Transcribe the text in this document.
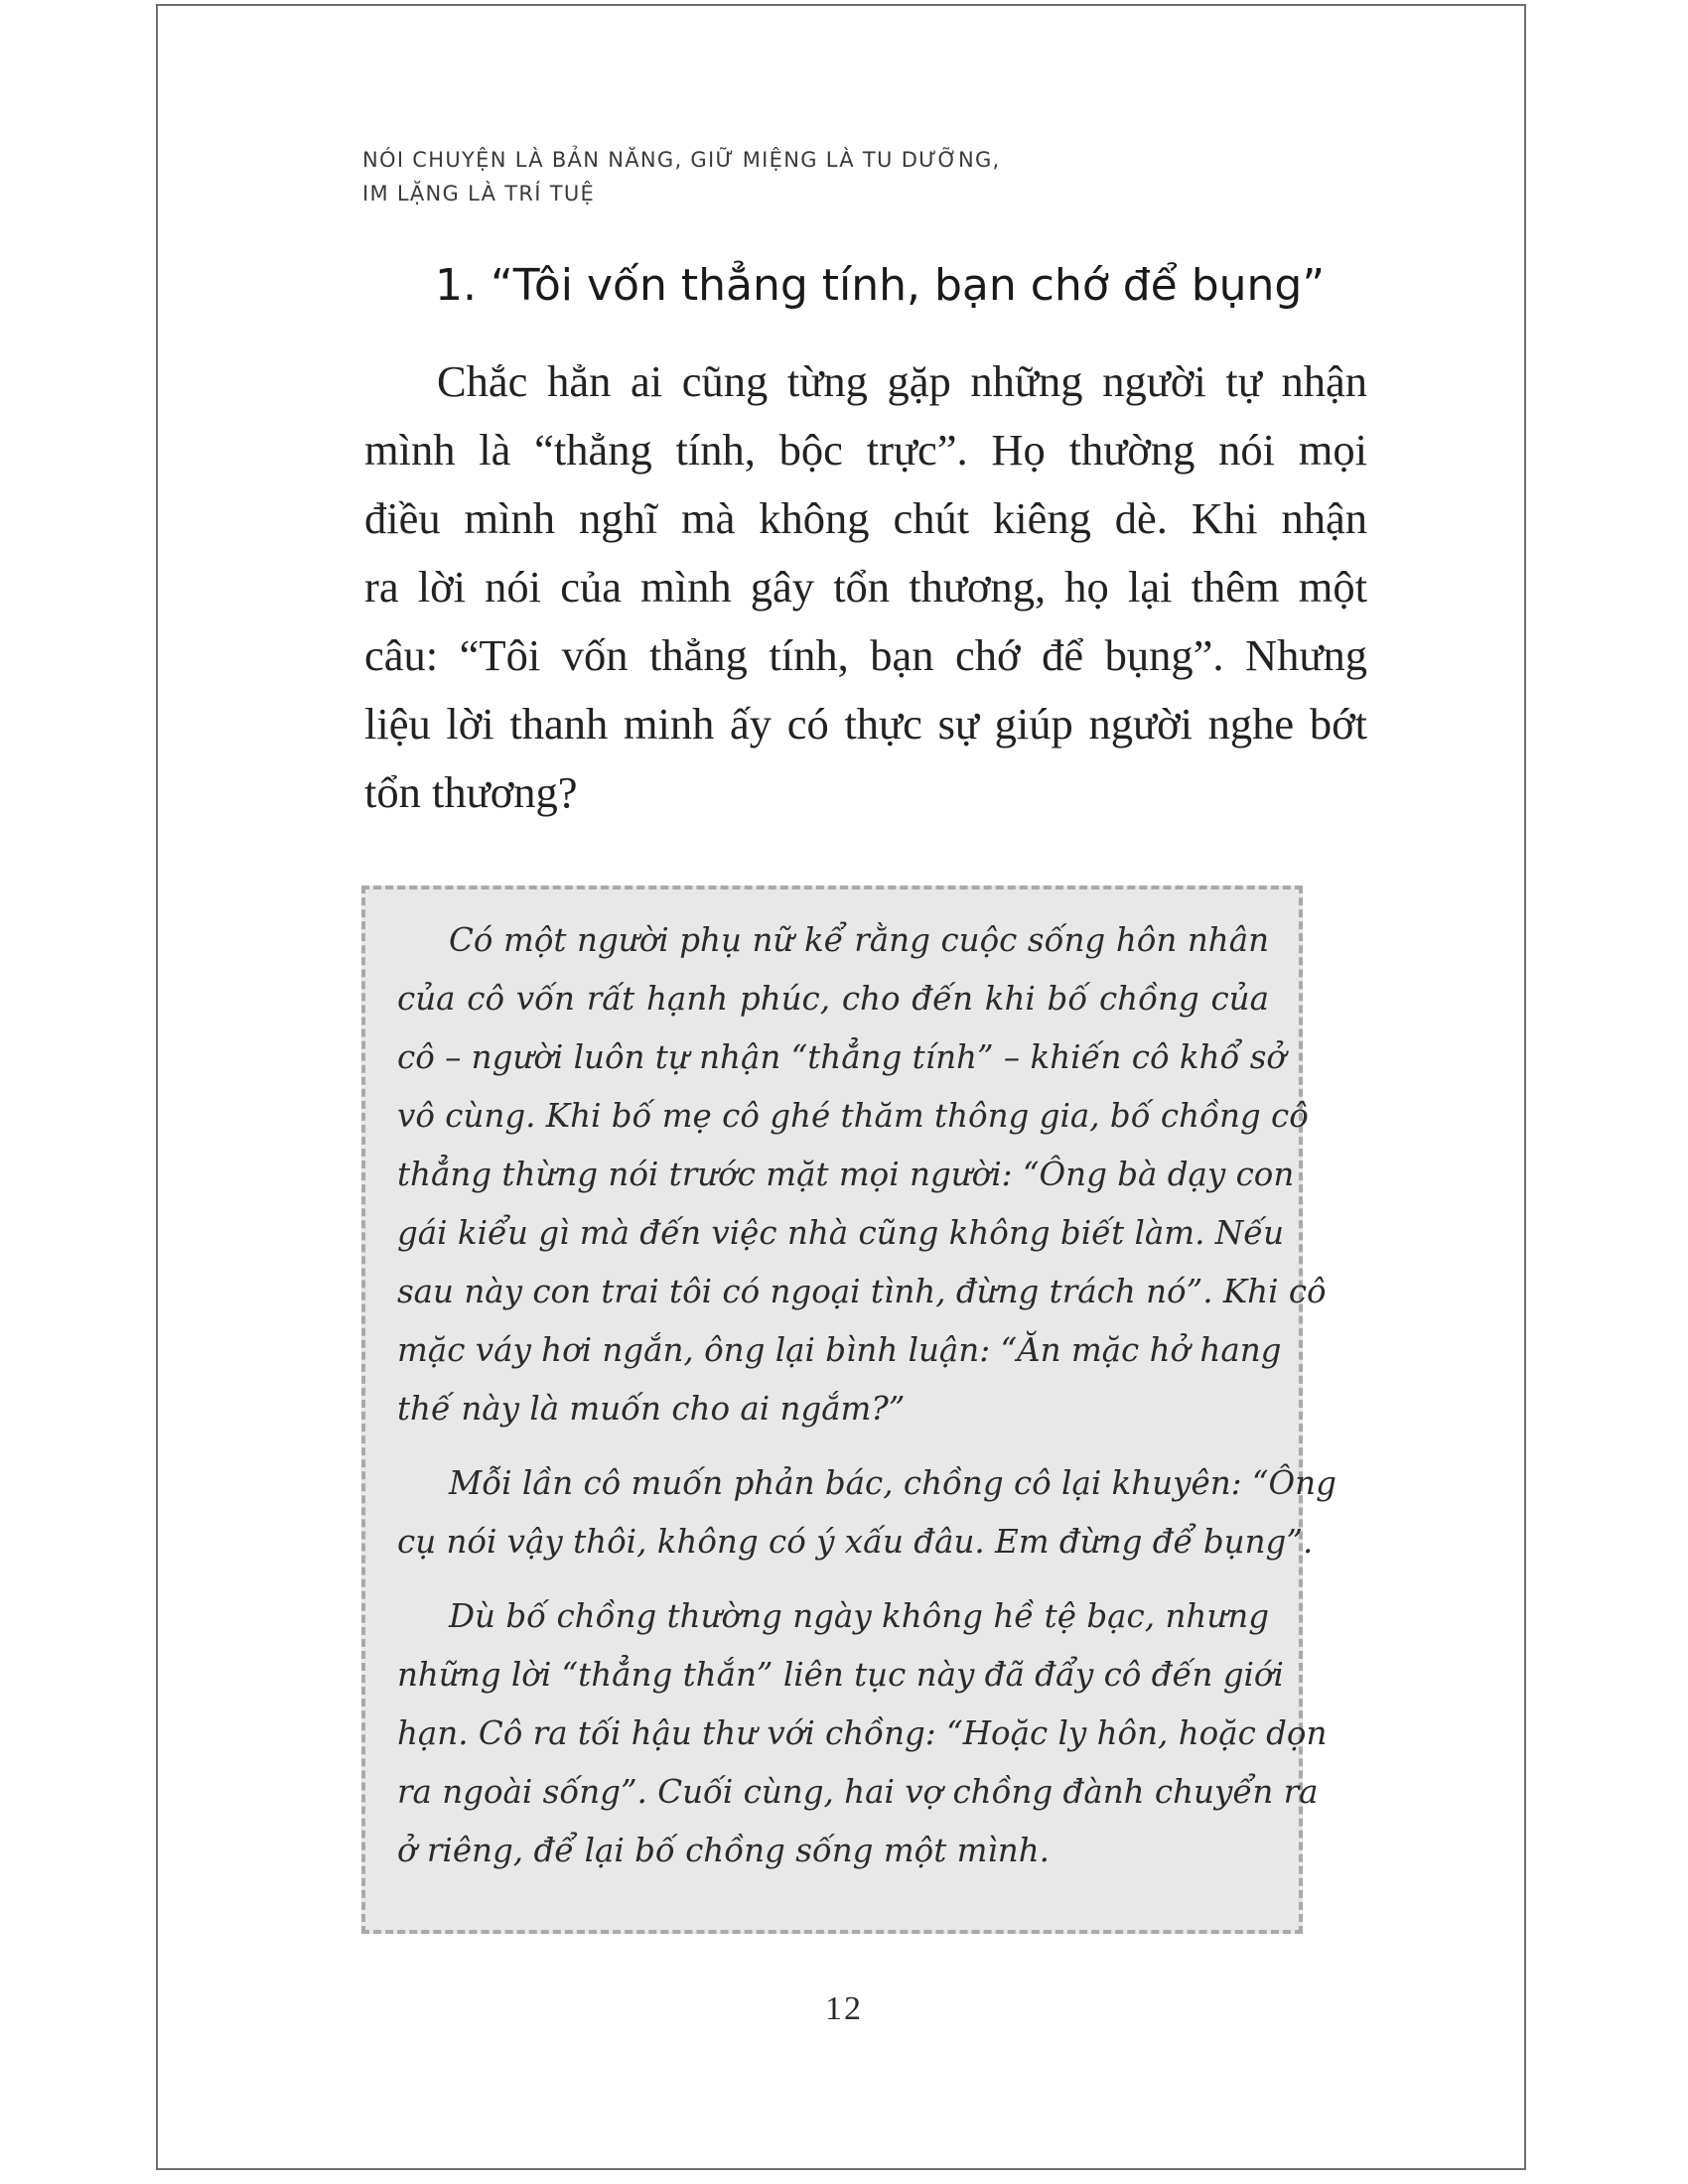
NÓI CHUYỆN LÀ BẢN NĂNG, GIỮ MIỆNG LÀ TU DƯỠNG,
IM LẶNG LÀ TRÍ TUỆ
1. “Tôi vốn thẳng tính, bạn chớ để bụng”
Chắc hẳn ai cũng từng gặp những người tự nhận
mình là “thẳng tính, bộc trực”. Họ thường nói mọi
điều mình nghĩ mà không chút kiêng dè. Khi nhận
ra lời nói của mình gây tổn thương, họ lại thêm một
câu: “Tôi vốn thẳng tính, bạn chớ để bụng”. Nhưng
liệu lời thanh minh ấy có thực sự giúp người nghe bớt
tổn thương?
Có một người phụ nữ kể rằng cuộc sống hôn nhân
của cô vốn rất hạnh phúc, cho đến khi bố chồng của
cô – người luôn tự nhận “thẳng tính” – khiến cô khổ sở
vô cùng. Khi bố mẹ cô ghé thăm thông gia, bố chồng cô
thẳng thừng nói trước mặt mọi người: “Ông bà dạy con
gái kiểu gì mà đến việc nhà cũng không biết làm. Nếu
sau này con trai tôi có ngoại tình, đừng trách nó”. Khi cô
mặc váy hơi ngắn, ông lại bình luận: “Ăn mặc hở hang
thế này là muốn cho ai ngắm?”
Mỗi lần cô muốn phản bác, chồng cô lại khuyên: “Ông
cụ nói vậy thôi, không có ý xấu đâu. Em đừng để bụng”.
Dù bố chồng thường ngày không hề tệ bạc, nhưng
những lời “thẳng thắn” liên tục này đã đẩy cô đến giới
hạn. Cô ra tối hậu thư với chồng: “Hoặc ly hôn, hoặc dọn
ra ngoài sống”. Cuối cùng, hai vợ chồng đành chuyển ra
ở riêng, để lại bố chồng sống một mình.
12
